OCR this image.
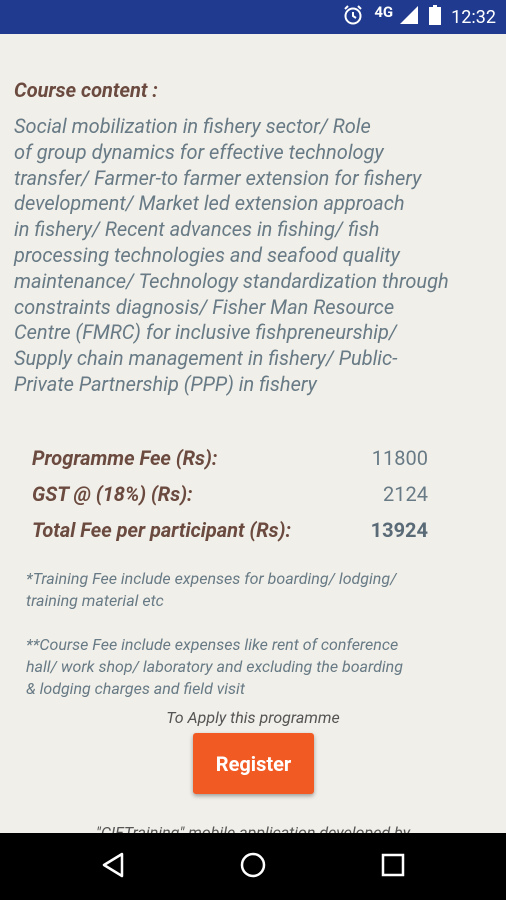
4G	12:32
Course content :
Social mobilization in fishery sector/ Role
of group dynamics for effective technology
transfer/ Farmer-to farmer extension for fishery
development/ Market led extension approach
in fishery/ Recent advances in fishing/ fish
processing technologies and seafood quality
maintenance/ Technology standardization through
constraints diagnosis/ Fisher Man Resource
Centre (FMRC) for inclusive fishpreneurship/
Supply chain management in fishery/ Public-
Private Partnership (PPP) in fishery
Programme Fee (Rs):	11800
GST @ (18%) (Rs):	2124
Total Fee per participant (Rs):	13924
*Training Fee include expenses for boarding/ lodging/
training material etc
**Course Fee include expenses like rent of conference
hall/ work shop/ laboratory and excluding the boarding
& lodging charges and field visit
To Apply this programme
Register
